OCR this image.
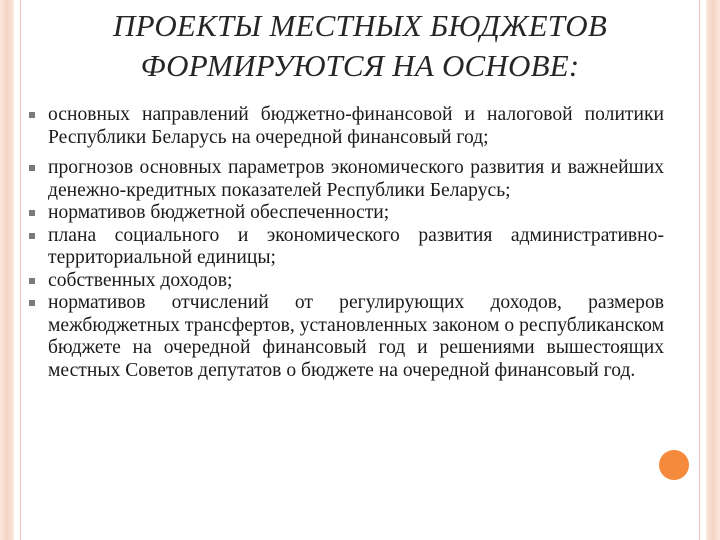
ПРОЕКТЫ МЕСТНЫХ БЮДЖЕТОВ
ФОРМИРУЮТСЯ НА ОСНОВЕ:
основных направлений бюджетно-финансовой и налоговой политики Республики Беларусь на очередной финансовый год;
прогнозов основных параметров экономического развития и важнейших денежно-кредитных показателей Республики Беларусь;
нормативов бюджетной обеспеченности;
плана социального и экономического развития административно-территориальной единицы;
собственных доходов;
нормативов отчислений от регулирующих доходов, размеров межбюджетных трансфертов, установленных законом о республиканском бюджете на очередной финансовый год и решениями вышестоящих местных Советов депутатов о бюджете на очередной финансовый год.
